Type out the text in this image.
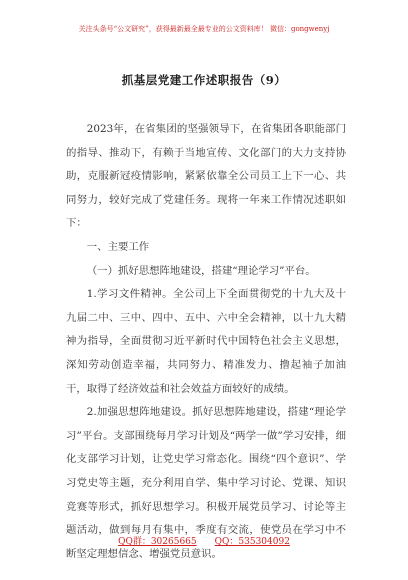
关注头条号“公文研究”，获得最新最全最专业的公文资料库！ 微信：gongwenyj
抓基层党建工作述职报告（9）

2023年，在省集团的坚强领导下，在省集团各职能部门的指导、推动下，有赖于当地宣传、文化部门的大力支持协助，克服新冠疫情影响，紧紧依靠全公司员工上下一心、共同努力，较好完成了党建任务。现将一年来工作情况述职如下：

一、主要工作

（一）抓好思想阵地建设，搭建“理论学习”平台。

1.学习文件精神。全公司上下全面贯彻党的十九大及十九届二中、三中、四中、五中、六中全会精神，以十九大精神为指导，全面贯彻习近平新时代中国特色社会主义思想，深知劳动创造幸福，共同努力、精准发力、撸起袖子加油干，取得了经济效益和社会效益方面较好的成绩。

2.加强思想阵地建设。抓好思想阵地建设，搭建“理论学习”平台。支部围绕每月学习计划及“两学一做”学习安排，细化支部学习计划，让党史学习常态化。围绕“四个意识”、学习党史等主题，充分利用自学、集中学习讨论、党课、知识竞赛等形式，抓好思想学习。积极开展党员学习、讨论等主题活动，做到每月有集中，季度有交流，使党员在学习中不断坚定理想信念、增强党员意识。

QQ群：30265665 QQ：535304092
